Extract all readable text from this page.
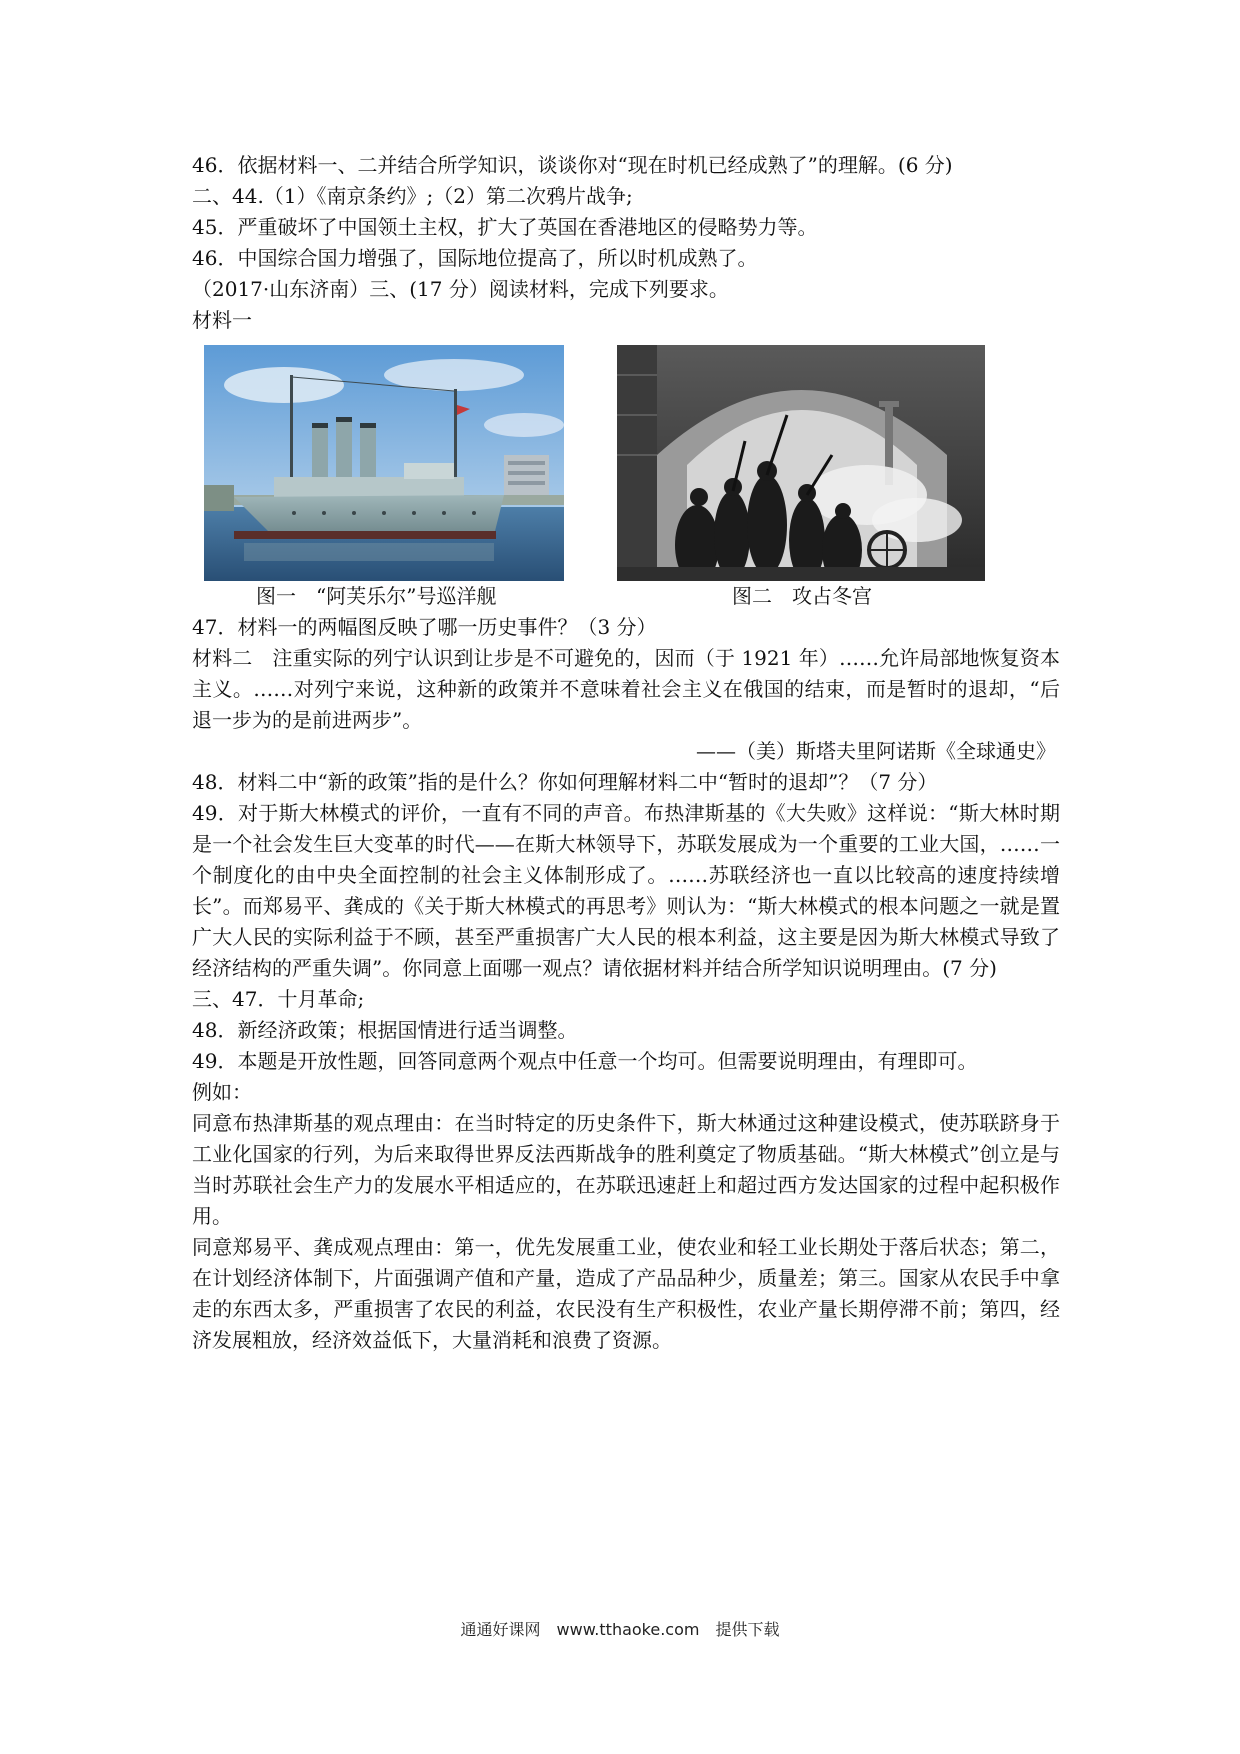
46．依据材料一、二并结合所学知识，谈谈你对“现在时机已经成熟了”的理解。(6 分)

二、44.（1）《南京条约》;（2）第二次鸦片战争;

45．严重破坏了中国领土主权，扩大了英国在香港地区的侵略势力等。

46．中国综合国力增强了，国际地位提高了，所以时机成熟了。

（2017·山东济南）三、(17 分）阅读材料，完成下列要求。

材料一

图一　“阿芙乐尔”号巡洋舰	图二　攻占冬宫

47．材料一的两幅图反映了哪一历史事件？（3 分）

材料二　注重实际的列宁认识到让步是不可避免的，因而（于 1921 年）……允许局部地恢复资本主义。……对列宁来说，这种新的政策并不意味着社会主义在俄国的结束，而是暂时的退却，“后退一步为的是前进两步”。

——（美）斯塔夫里阿诺斯《全球通史》

48．材料二中“新的政策”指的是什么？你如何理解材料二中“暂时的退却”？（7 分）

49．对于斯大林模式的评价，一直有不同的声音。布热津斯基的《大失败》这样说：“斯大林时期是一个社会发生巨大变革的时代——在斯大林领导下，苏联发展成为一个重要的工业大国，……一个制度化的由中央全面控制的社会主义体制形成了。……苏联经济也一直以比较高的速度持续增长”。而郑易平、龚成的《关于斯大林模式的再思考》则认为：“斯大林模式的根本问题之一就是置广大人民的实际利益于不顾，甚至严重损害广大人民的根本利益，这主要是因为斯大林模式导致了经济结构的严重失调”。你同意上面哪一观点？请依据材料并结合所学知识说明理由。(7 分)

三、47．十月革命;

48．新经济政策；根据国情进行适当调整。

49．本题是开放性题，回答同意两个观点中任意一个均可。但需要说明理由，有理即可。

例如：

同意布热津斯基的观点理由：在当时特定的历史条件下，斯大林通过这种建设模式，使苏联跻身于工业化国家的行列，为后来取得世界反法西斯战争的胜利奠定了物质基础。“斯大林模式”创立是与当时苏联社会生产力的发展水平相适应的，在苏联迅速赶上和超过西方发达国家的过程中起积极作用。

同意郑易平、龚成观点理由：第一，优先发展重工业，使农业和轻工业长期处于落后状态；第二，在计划经济体制下，片面强调产值和产量，造成了产品品种少，质量差；第三。国家从农民手中拿走的东西太多，严重损害了农民的利益，农民没有生产积极性，农业产量长期停滞不前；第四，经济发展粗放，经济效益低下，大量消耗和浪费了资源。

通通好课网　www.tthaoke.com　提供下载
